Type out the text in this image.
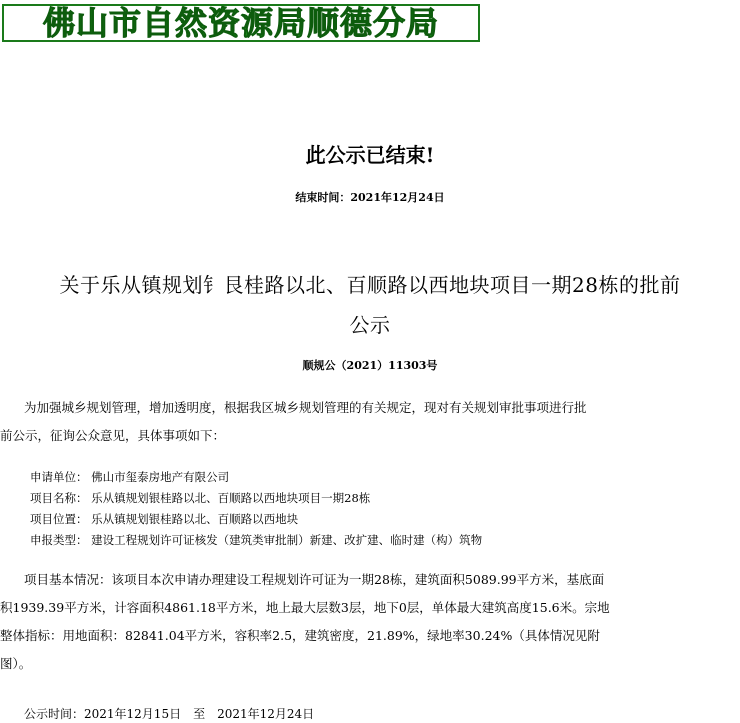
佛山市自然资源局顺德分局
此公示已结束!
结束时间：2021年12月24日
关于乐从镇规划钅艮桂路以北、百顺路以西地块项目一期28栋的批前
公示
顺规公（2021）11303号
为加强城乡规划管理，增加透明度，根据我区城乡规划管理的有关规定，现对有关规划审批事项进行批
前公示，征询公众意见，具体事项如下：
申请单位： 佛山市玺泰房地产有限公司
项目名称： 乐从镇规划银桂路以北、百顺路以西地块项目一期28栋
项目位置： 乐从镇规划银桂路以北、百顺路以西地块
申报类型： 建设工程规划许可证核发（建筑类审批制）新建、改扩建、临时建（构）筑物
项目基本情况：该项目本次申请办理建设工程规划许可证为一期28栋，建筑面积5089.99平方米，基底面
积1939.39平方米，计容面积4861.18平方米，地上最大层数3层，地下0层，单体最大建筑高度15.6米。宗地
整体指标：用地面积：82841.04平方米，容积率2.5，建筑密度，21.89%，绿地率30.24%（具体情况见附
图）。
公示时间：2021年12月15日　至　2021年12月24日
